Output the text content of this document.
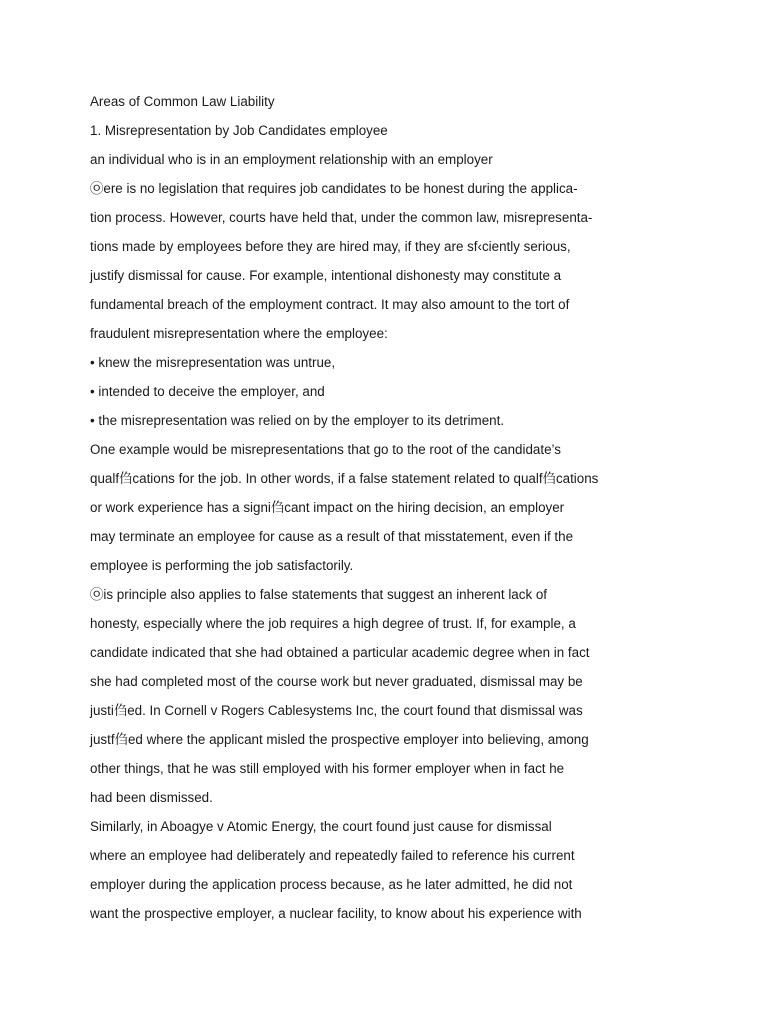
Areas of Common Law Liability
1. Misrepresentation by Job Candidates employee
an individual who is in an employment relationship with an employer
㉧ere is no legislation that requires job candidates to be honest during the applica-
tion process. However, courts have held that, under the common law, misrepresenta-
tions made by employees before they are hired may, if they are sf‹ciently serious,
justify dismissal for cause. For example, intentional dishonesty may constitute a
fundamental breach of the employment contract. It may also amount to the tort of
fraudulent misrepresentation where the employee:
• knew the misrepresentation was untrue,
• intended to deceive the employer, and
• the misrepresentation was relied on by the employer to its detriment.
One example would be misrepresentations that go to the root of the candidate’s
qualf㑇cations for the job. In other words, if a false statement related to qualf㑇cations
or work experience has a signi㑇cant impact on the hiring decision, an employer
may terminate an employee for cause as a result of that misstatement, even if the
employee is performing the job satisfactorily.
㉧is principle also applies to false statements that suggest an inherent lack of
honesty, especially where the job requires a high degree of trust. If, for example, a
candidate indicated that she had obtained a particular academic degree when in fact
she had completed most of the course work but never graduated, dismissal may be
justi㑇ed. In Cornell v Rogers Cablesystems Inc, the court found that dismissal was
justf㑇ed where the applicant misled the prospective employer into believing, among
other things, that he was still employed with his former employer when in fact he
had been dismissed.
Similarly, in Aboagye v Atomic Energy, the court found just cause for dismissal
where an employee had deliberately and repeatedly failed to reference his current
employer during the application process because, as he later admitted, he did not
want the prospective employer, a nuclear facility, to know about his experience with
